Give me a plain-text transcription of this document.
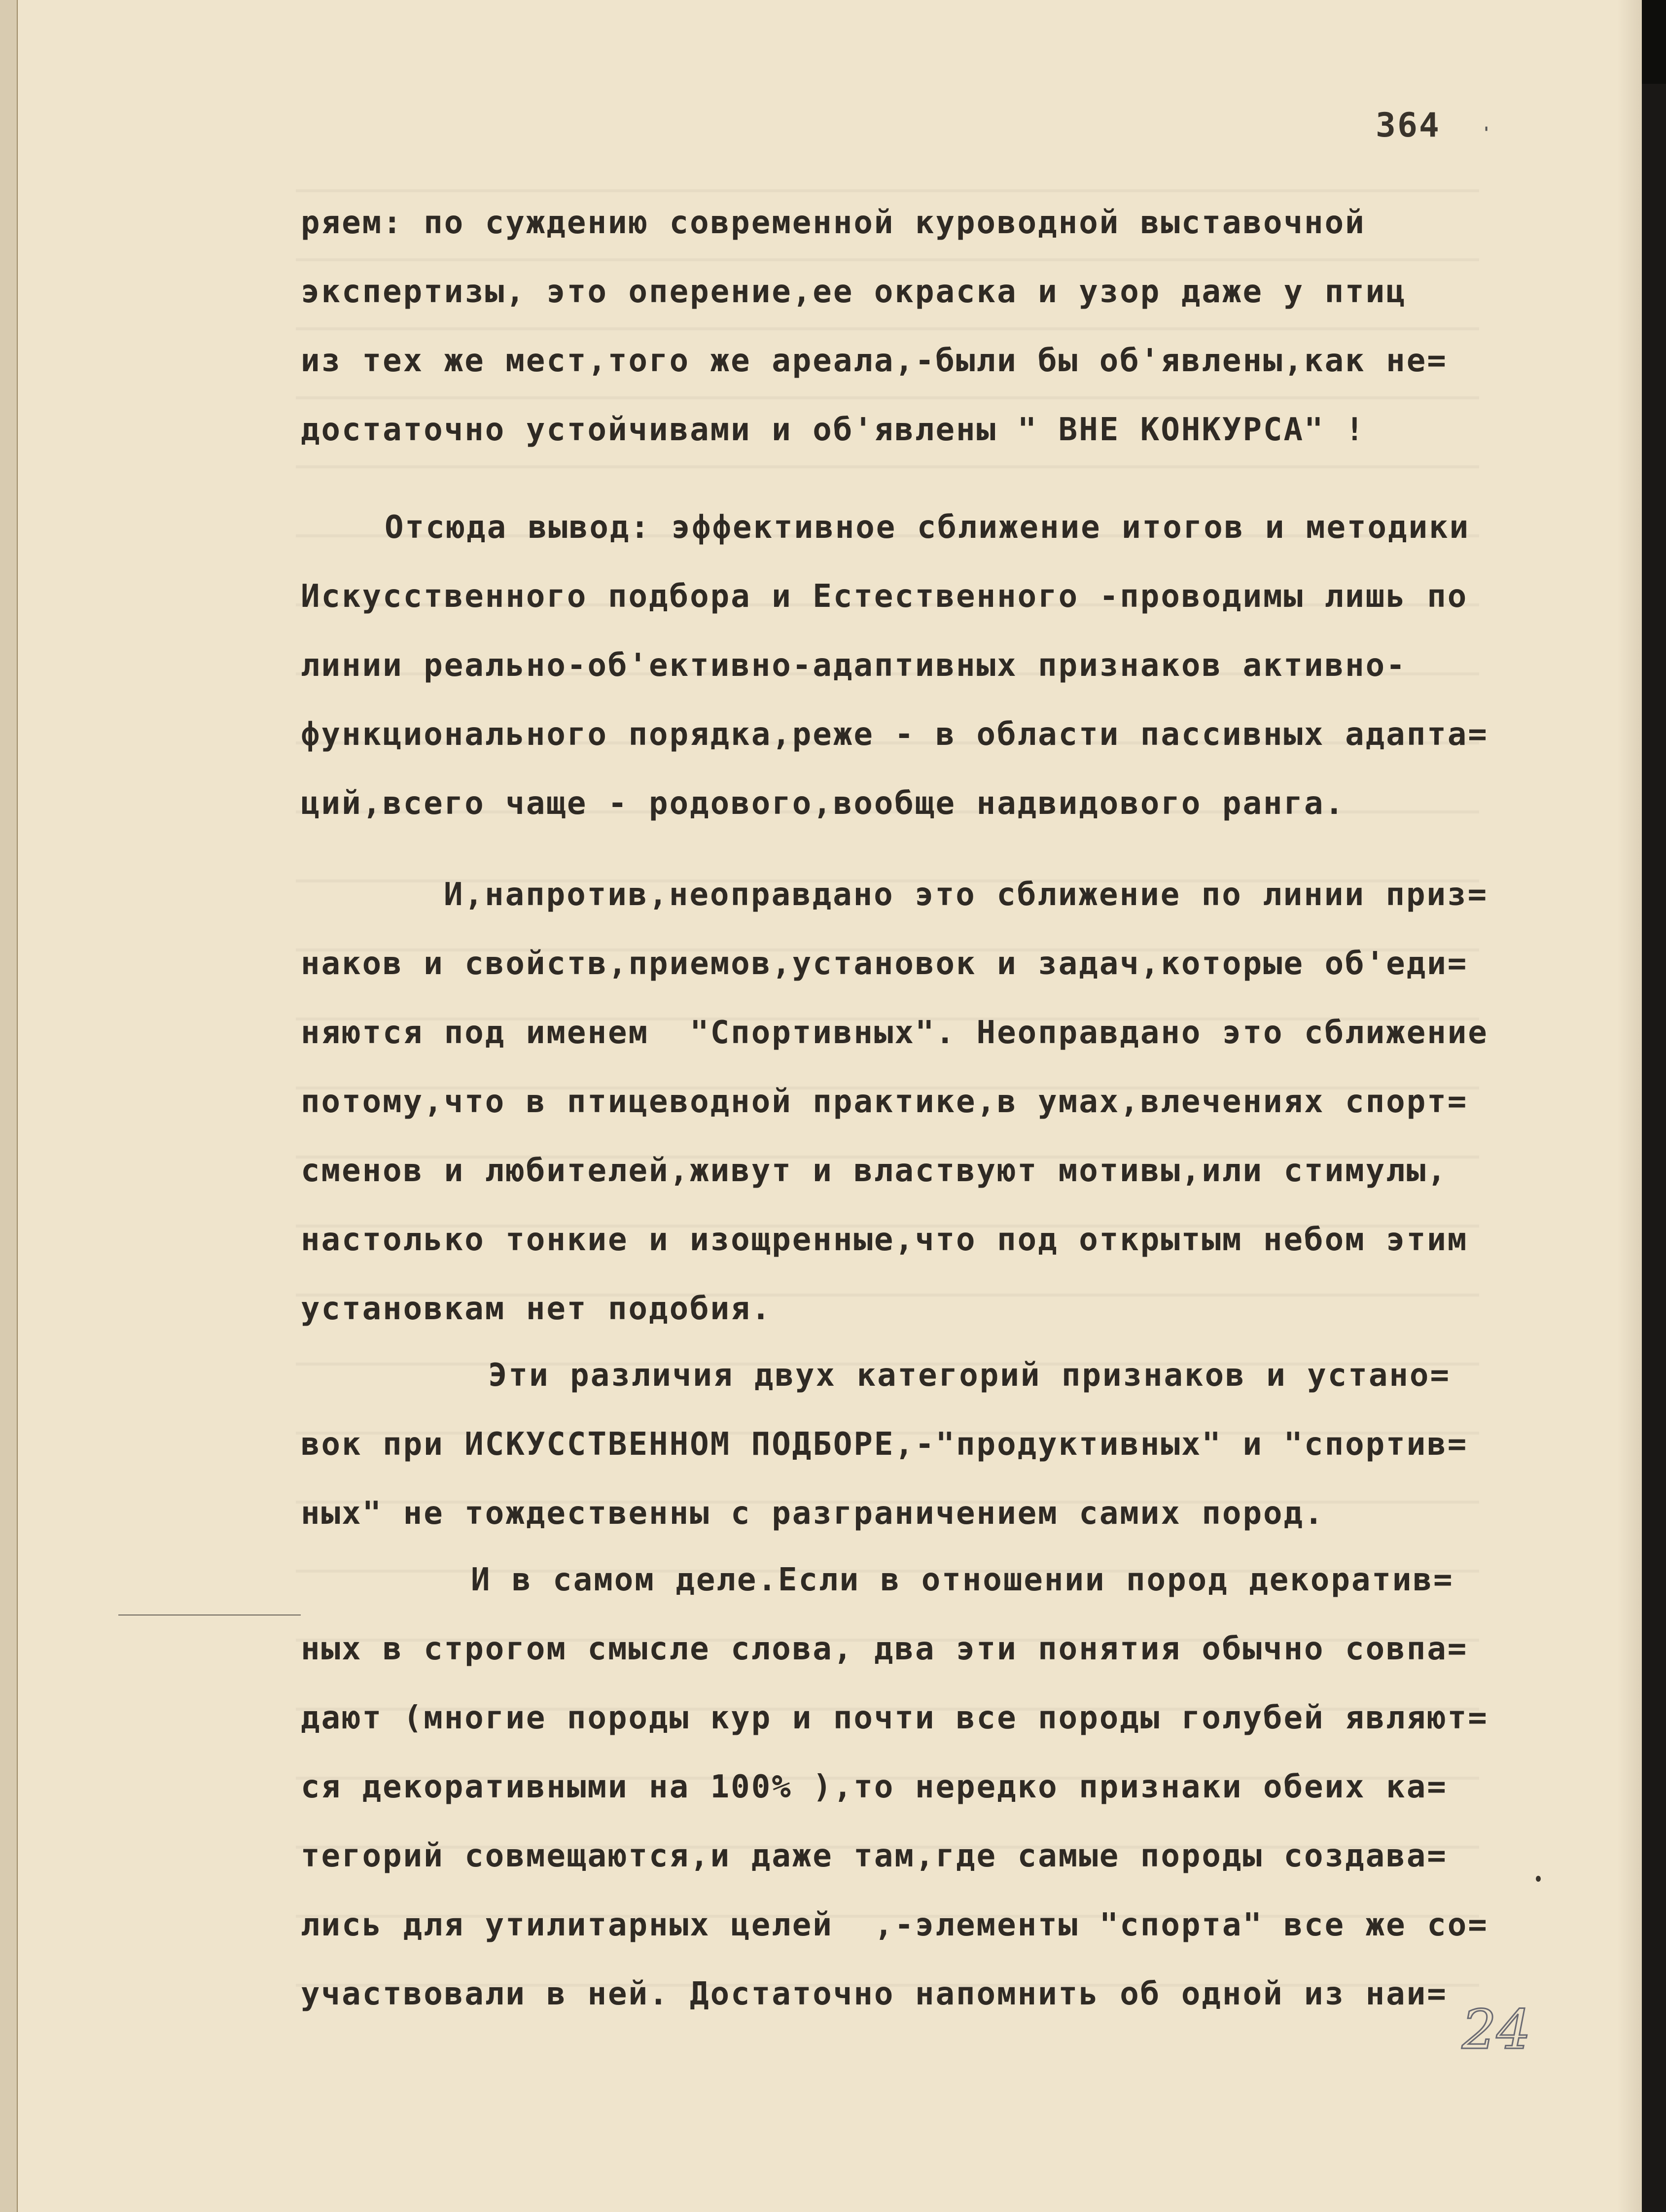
364

	'

ряем: по суждению современной куроводной выставочной

экспертизы, это оперение,ее окраска и узор даже у птиц

из тех же мест,того же ареала,-были бы об'явлены,как не=

достаточно устойчивами и об'явлены " ВНЕ КОНКУРСА" !

Отсюда вывод: эффективное сближение итогов и методики

Искусственного подбора и Естественного -проводимы лишь по

линии реально-об'ективно-адаптивных признаков активно-

функционального порядка,реже - в области пассивных адапта=

ций,всего чаще - родового,вообще надвидового ранга.

И,напротив,неоправдано это сближение по линии приз=

наков и свойств,приемов,установок и задач,которые об'еди=

няются под именем  "Спортивных". Неоправдано это сближение

потому,что в птицеводной практике,в умах,влечениях спорт=

сменов и любителей,живут и властвуют мотивы,или стимулы,

настолько тонкие и изощренные,что под открытым небом этим

установкам нет подобия.

Эти различия двух категорий признаков и устано=

вок при ИСКУССТВЕННОМ ПОДБОРЕ,-"продуктивных" и "спортив=

ных" не тождественны с разграничением самих пород.

И в самом деле.Если в отношении пород декоратив=

ных в строгом смысле слова, два эти понятия обычно совпа=

дают (многие породы кур и почти все породы голубей являют=

ся декоративными на 100% ),то нередко признаки обеих ка=

тегорий совмещаются,и даже там,где самые породы создава=

лись для утилитарных целей  ,-элементы "спорта" все же со=

участвовали в ней. Достаточно напомнить об одной из наи=

24
